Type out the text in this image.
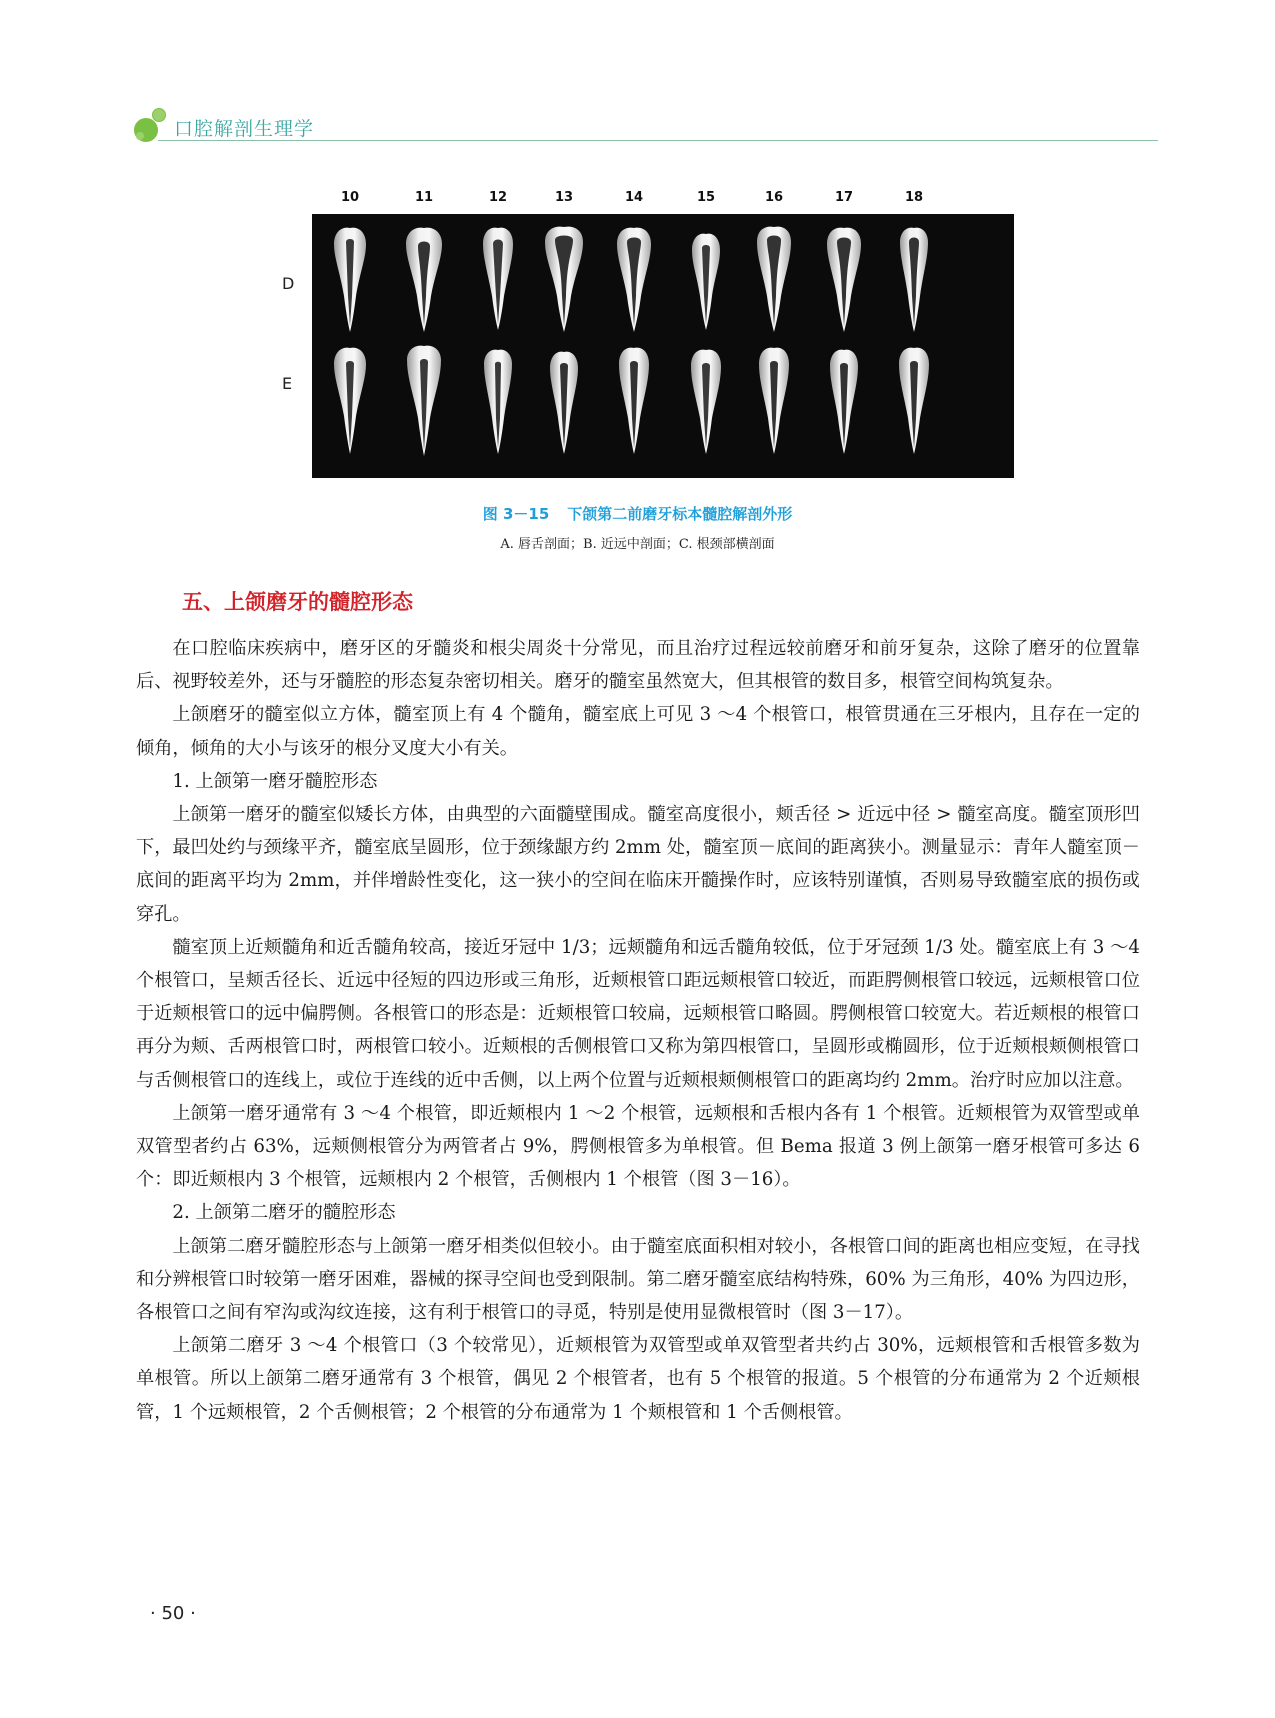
口腔解剖生理学
10	11	12	13	14	15	16	17	18
D
E
图 3－15 下颌第二前磨牙标本髓腔解剖外形
A. 唇舌剖面；B. 近远中剖面；C. 根颈部横剖面
五、上颌磨牙的髓腔形态

在口腔临床疾病中，磨牙区的牙髓炎和根尖周炎十分常见，而且治疗过程远较前磨牙和前牙复杂，这除了磨牙的位置靠后、视野较差外，还与牙髓腔的形态复杂密切相关。磨牙的髓室虽然宽大，但其根管的数目多，根管空间构筑复杂。

上颌磨牙的髓室似立方体，髓室顶上有 4 个髓角，髓室底上可见 3 ～4 个根管口，根管贯通在三牙根内，且存在一定的倾角，倾角的大小与该牙的根分叉度大小有关。

1. 上颌第一磨牙髓腔形态

上颌第一磨牙的髓室似矮长方体，由典型的六面髓壁围成。髓室高度很小，颊舌径 > 近远中径 > 髓室高度。髓室顶形凹下，最凹处约与颈缘平齐，髓室底呈圆形，位于颈缘龈方约 2mm 处，髓室顶－底间的距离狭小。测量显示：青年人髓室顶－底间的距离平均为 2mm，并伴增龄性变化，这一狭小的空间在临床开髓操作时，应该特别谨慎，否则易导致髓室底的损伤或穿孔。

髓室顶上近颊髓角和近舌髓角较高，接近牙冠中 1/3；远颊髓角和远舌髓角较低，位于牙冠颈 1/3 处。髓室底上有 3 ～4 个根管口，呈颊舌径长、近远中径短的四边形或三角形，近颊根管口距远颊根管口较近，而距腭侧根管口较远，远颊根管口位于近颊根管口的远中偏腭侧。各根管口的形态是：近颊根管口较扁，远颊根管口略圆。腭侧根管口较宽大。若近颊根的根管口再分为颊、舌两根管口时，两根管口较小。近颊根的舌侧根管口又称为第四根管口，呈圆形或椭圆形，位于近颊根颊侧根管口与舌侧根管口的连线上，或位于连线的近中舌侧，以上两个位置与近颊根颊侧根管口的距离均约 2mm。治疗时应加以注意。

上颌第一磨牙通常有 3 ～4 个根管，即近颊根内 1 ～2 个根管，远颊根和舌根内各有 1 个根管。近颊根管为双管型或单双管型者约占 63%，远颊侧根管分为两管者占 9%，腭侧根管多为单根管。但 Bema 报道 3 例上颌第一磨牙根管可多达 6 个：即近颊根内 3 个根管，远颊根内 2 个根管，舌侧根内 1 个根管（图 3－16）。

2. 上颌第二磨牙的髓腔形态

上颌第二磨牙髓腔形态与上颌第一磨牙相类似但较小。由于髓室底面积相对较小，各根管口间的距离也相应变短，在寻找和分辨根管口时较第一磨牙困难，器械的探寻空间也受到限制。第二磨牙髓室底结构特殊，60% 为三角形，40% 为四边形，各根管口之间有窄沟或沟纹连接，这有利于根管口的寻觅，特别是使用显微根管时（图 3－17）。

上颌第二磨牙 3 ～4 个根管口（3 个较常见），近颊根管为双管型或单双管型者共约占 30%，远颊根管和舌根管多数为单根管。所以上颌第二磨牙通常有 3 个根管，偶见 2 个根管者，也有 5 个根管的报道。5 个根管的分布通常为 2 个近颊根管，1 个远颊根管，2 个舌侧根管；2 个根管的分布通常为 1 个颊根管和 1 个舌侧根管。

· 50 ·
